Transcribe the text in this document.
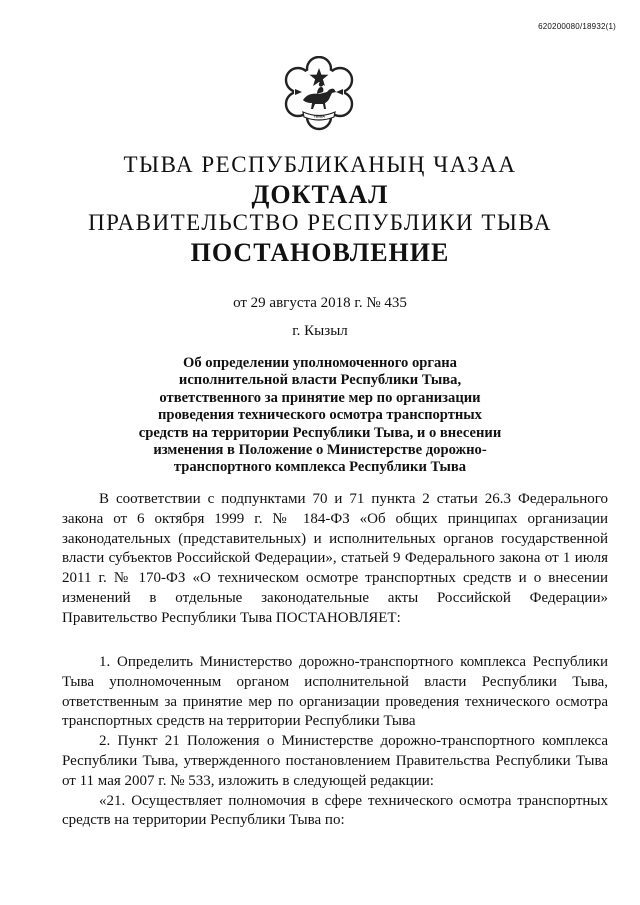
620200080/18932(1)
ТЫВА
ТЫВА РЕСПУБЛИКАНЫҢ ЧАЗАА
ДОКТААЛ
ПРАВИТЕЛЬСТВО РЕСПУБЛИКИ ТЫВА
ПОСТАНОВЛЕНИЕ
от 29 августа 2018 г. № 435
г. Кызыл
Об определении уполномоченного органа
исполнительной власти Республики Тыва,
ответственного за принятие мер по организации
проведения технического осмотра транспортных
средств на территории Республики Тыва, и о внесении
изменения в Положение о Министерстве дорожно-
транспортного комплекса Республики Тыва

В соответствии с подпунктами 70 и 71 пункта 2 статьи 26.3 Федерального закона от 6 октября 1999 г. № 184-ФЗ «Об общих принципах организации законодательных (представительных) и исполнительных органов государственной власти субъектов Российской Федерации», статьей 9 Федерального закона от 1 июля 2011 г. № 170-ФЗ «О техническом осмотре транспортных средств и о внесении изменений в отдельные законодательные акты Российской Федерации» Правительство Республики Тыва ПОСТАНОВЛЯЕТ:

1. Определить Министерство дорожно-транспортного комплекса Республики Тыва уполномоченным органом исполнительной власти Республики Тыва, ответственным за принятие мер по организации проведения технического осмотра транспортных средств на территории Республики Тыва

2. Пункт 21 Положения о Министерстве дорожно-транспортного комплекса Республики Тыва, утвержденного постановлением Правительства Республики Тыва от 11 мая 2007 г. № 533, изложить в следующей редакции:

«21. Осуществляет полномочия в сфере технического осмотра транспортных средств на территории Республики Тыва по:
